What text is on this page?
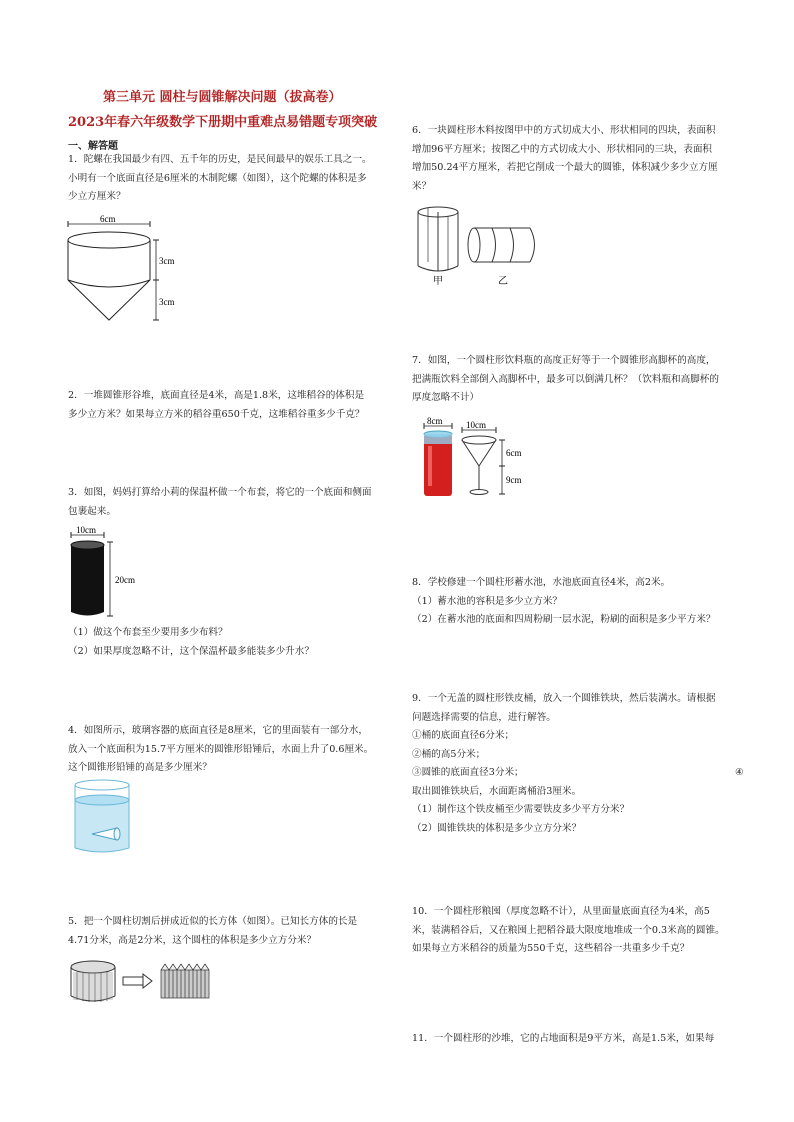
第三单元 圆柱与圆锥解决问题（拔高卷）
2023年春六年级数学下册期中重难点易错题专项突破
一、解答题
1．陀螺在我国最少有四、五千年的历史，是民间最早的娱乐工具之一。
小明有一个底面直径是6厘米的木制陀螺（如图），这个陀螺的体积是多
少立方厘米？
6cm
3cm
3cm
2．一堆圆锥形谷堆，底面直径是4米，高是1.8米，这堆稻谷的体积是
多少立方米？如果每立方米的稻谷重650千克，这堆稻谷重多少千克？
3．如图，妈妈打算给小莉的保温杯做一个布套，将它的一个底面和侧面
包裹起来。
10cm
20cm
（1）做这个布套至少要用多少布料？
（2）如果厚度忽略不计，这个保温杯最多能装多少升水？
4．如图所示，玻璃容器的底面直径是8厘米，它的里面装有一部分水，
放入一个底面积为15.7平方厘米的圆锥形铅锤后，水面上升了0.6厘米。
这个圆锥形铅锤的高是多少厘米？
5．把一个圆柱切割后拼成近似的长方体（如图）。已知长方体的长是
4.71分米，高是2分米，这个圆柱的体积是多少立方分米？
6．一块圆柱形木料按图甲中的方式切成大小、形状相同的四块，表面积
增加96平方厘米；按图乙中的方式切成大小、形状相同的三块，表面积
增加50.24平方厘米，若把它削成一个最大的圆锥，体积减少多少立方厘
米？
甲	乙
7．如图，一个圆柱形饮料瓶的高度正好等于一个圆锥形高脚杯的高度，
把满瓶饮料全部倒入高脚杯中，最多可以倒满几杯？（饮料瓶和高脚杯的
厚度忽略不计）
8cm	10cm
6cm
9cm
8．学校修建一个圆柱形蓄水池，水池底面直径4米，高2米。
（1）蓄水池的容积是多少立方米？
（2）在蓄水池的底面和四周粉刷一层水泥，粉刷的面积是多少平方米？
9．一个无盖的圆柱形铁皮桶，放入一个圆锥铁块，然后装满水。请根据
问题选择需要的信息，进行解答。
①桶的底面直径6分米；
②桶的高5分米；
③圆锥的底面直径3分米；	④
取出圆锥铁块后，水面距离桶沿3厘米。
（1）制作这个铁皮桶至少需要铁皮多少平方分米？
（2）圆锥铁块的体积是多少立方分米？
10．一个圆柱形粮囤（厚度忽略不计），从里面量底面直径为4米，高5
米，装满稻谷后，又在粮囤上把稻谷最大限度地堆成一个0.3米高的圆锥。
如果每立方米稻谷的质量为550千克，这些稻谷一共重多少千克？
11．一个圆柱形的沙堆，它的占地面积是9平方米，高是1.5米，如果每
